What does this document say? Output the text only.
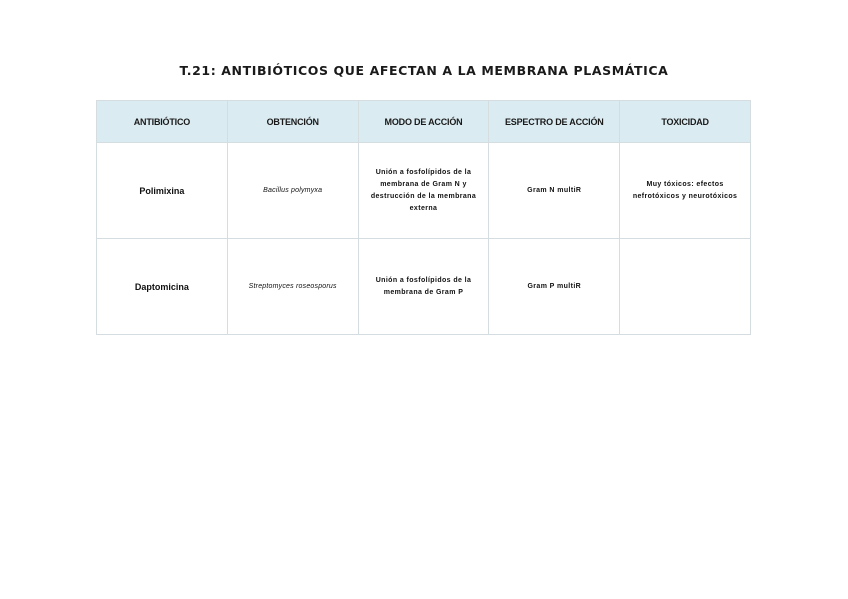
T.21: ANTIBIÓTICOS QUE AFECTAN A LA MEMBRANA PLASMÁTICA
ANTIBIÓTICO	OBTENCIÓN	MODO DE ACCIÓN	ESPECTRO DE ACCIÓN	TOXICIDAD
Polimixina	Bacillus polymyxa	Unión a fosfolípidos de la membrana de Gram N y destrucción de la membrana externa	Gram N multiR	Muy tóxicos: efectos nefrotóxicos y neurotóxicos
Daptomicina	Streptomyces roseosporus	Unión a fosfolípidos de la membrana de Gram P	Gram P multiR	
